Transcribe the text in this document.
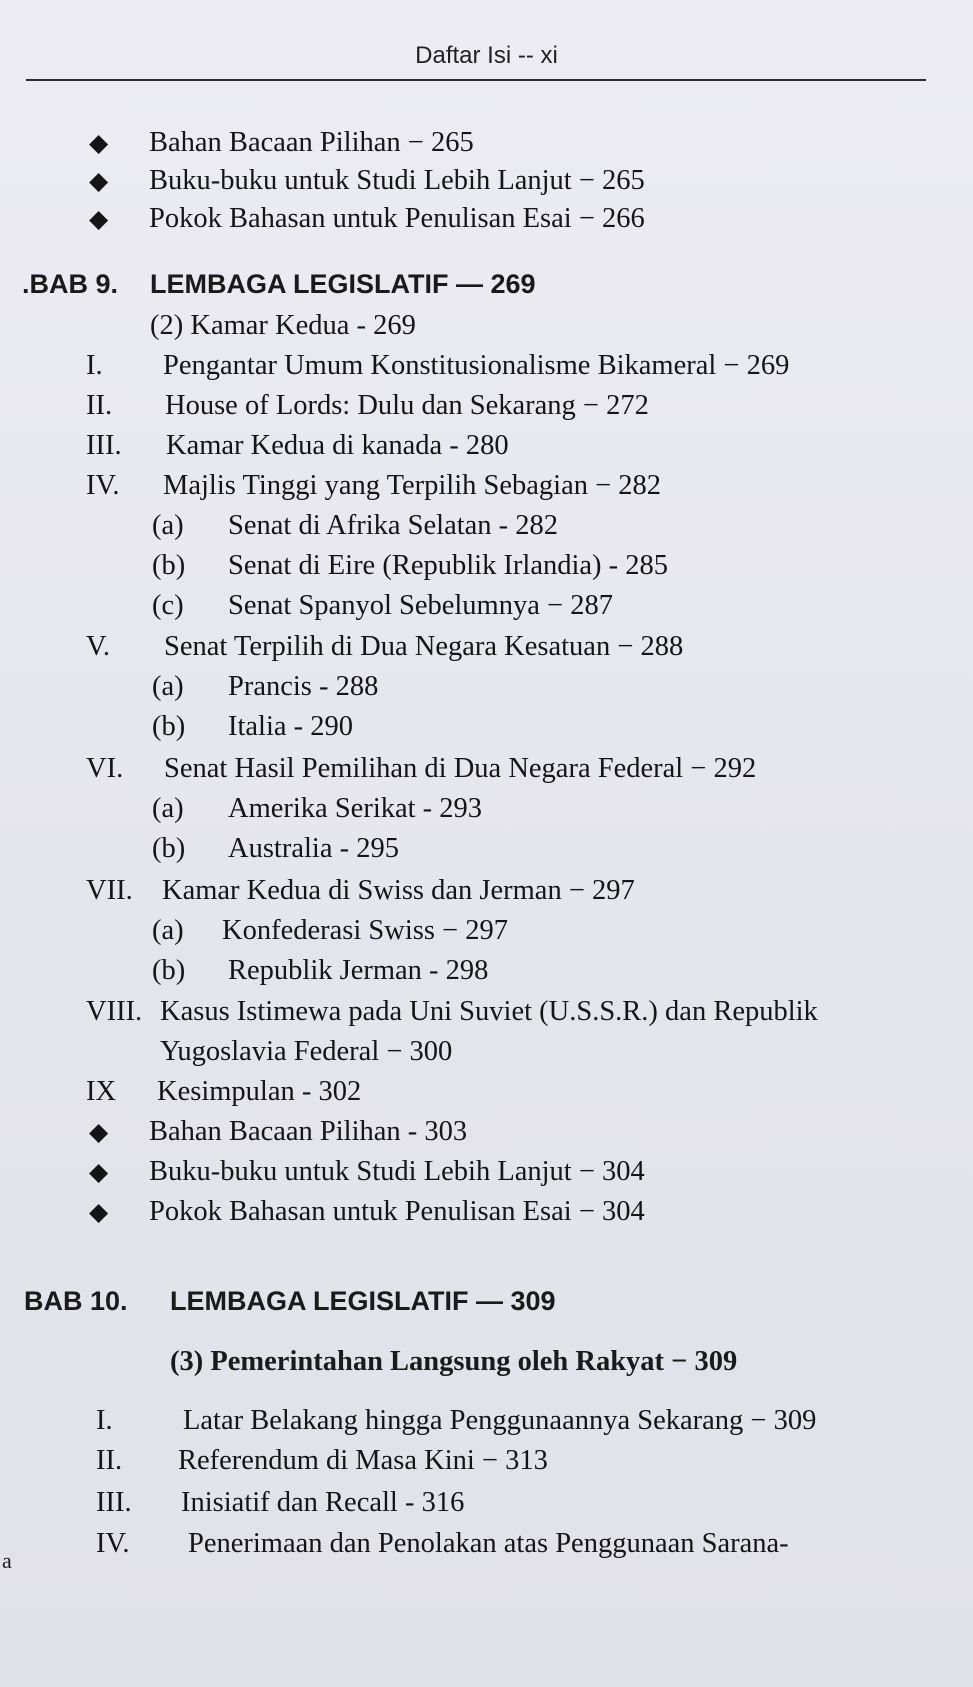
Daftar Isi -- xi
◆ Bahan Bacaan Pilihan − 265
◆ Buku-buku untuk Studi Lebih Lanjut − 265
◆ Pokok Bahasan untuk Penulisan Esai − 266
.BAB 9. LEMBAGA LEGISLATIF — 269
(2) Kamar Kedua - 269
I. Pengantar Umum Konstitusionalisme Bikameral − 269
II. House of Lords: Dulu dan Sekarang − 272
III. Kamar Kedua di kanada - 280
IV. Majlis Tinggi yang Terpilih Sebagian − 282
(a) Senat di Afrika Selatan - 282
(b) Senat di Eire (Republik Irlandia) - 285
(c) Senat Spanyol Sebelumnya − 287
V. Senat Terpilih di Dua Negara Kesatuan − 288
(a) Prancis - 288
(b) Italia - 290
VI. Senat Hasil Pemilihan di Dua Negara Federal − 292
(a) Amerika Serikat - 293
(b) Australia - 295
VII. Kamar Kedua di Swiss dan Jerman − 297
(a) Konfederasi Swiss − 297
(b) Republik Jerman - 298
VIII. Kasus Istimewa pada Uni Suviet (U.S.S.R.) dan Republik
Yugoslavia Federal − 300
IX Kesimpulan - 302
◆ Bahan Bacaan Pilihan - 303
◆ Buku-buku untuk Studi Lebih Lanjut − 304
◆ Pokok Bahasan untuk Penulisan Esai − 304
BAB 10. LEMBAGA LEGISLATIF — 309
(3) Pemerintahan Langsung oleh Rakyat − 309
I. Latar Belakang hingga Penggunaannya Sekarang − 309
II. Referendum di Masa Kini − 313
III. Inisiatif dan Recall - 316
IV. Penerimaan dan Penolakan atas Penggunaan Sarana-
a
